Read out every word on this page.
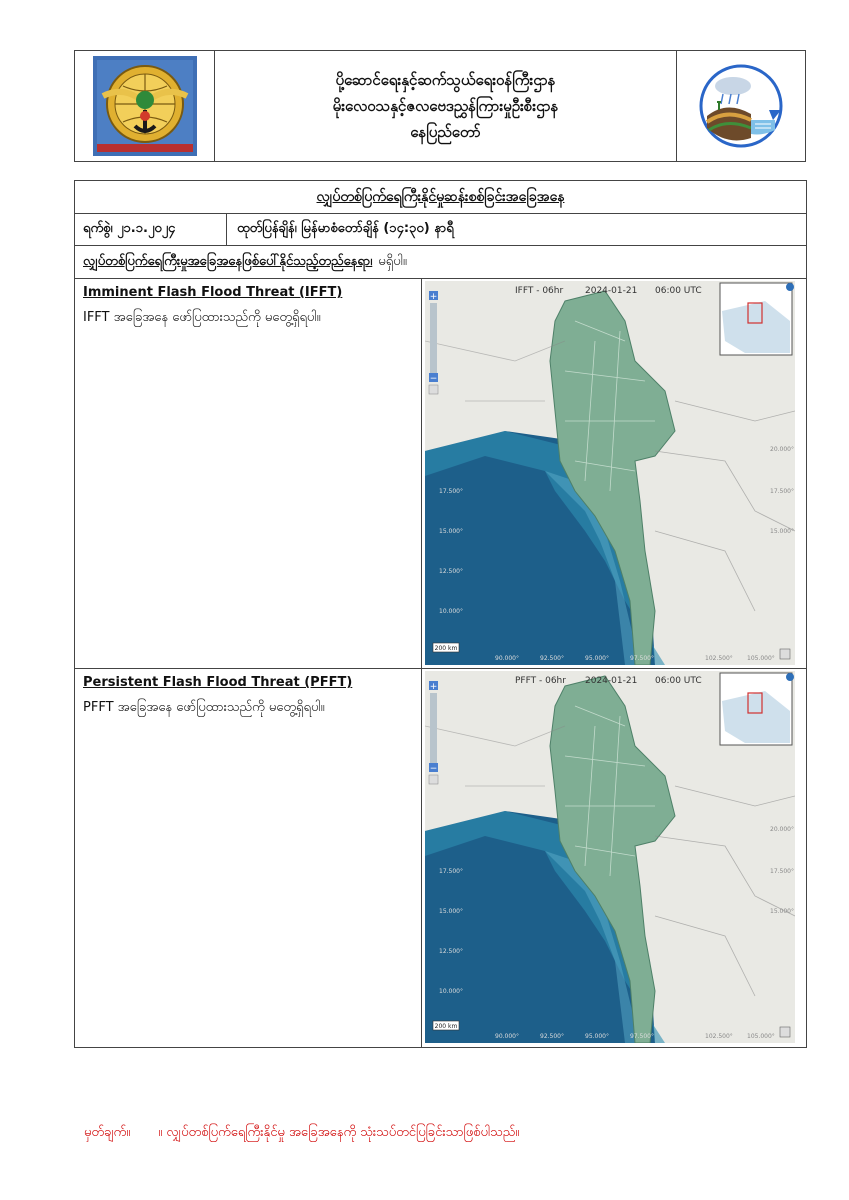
ပို့ဆောင်ရေးနှင့်ဆက်သွယ်ရေးဝန်ကြီးဌာန
မိုးလေဝသနှင့်ဇလဗေဒညွှန်ကြားမှုဦးစီးဌာန
နေပြည်တော်
လျှပ်တစ်ပြက်ရေကြီးနိုင်မှုဆန်းစစ်ခြင်းအခြေအနေ
ရက်စွဲ၊ ၂၁.၁.၂၀၂၄	ထုတ်ပြန်ချိန်၊ မြန်မာစံတော်ချိန် (၁၄:၃၀) နာရီ
လျှပ်တစ်ပြက်ရေကြီးမှုအခြေအနေဖြစ်ပေါ်နိုင်သည့်တည်နေရာ၊ မရှိပါ။
Imminent Flash Flood Threat (IFFT)
IFFT အခြေအနေ ဖော်ပြထားသည်ကို မတွေ့ရှိရပါ။
+
−
IFFT - 06hr 2024-01-21 06:00 UTC
17.500°
15.000°
12.500°
10.000°
20.000°
17.500°
15.000°
90.000°	92.500°	95.000°	97.500°	102.500° 105.000°
200 km
Persistent Flash Flood Threat (PFFT)
PFFT အခြေအနေ ဖော်ပြထားသည်ကို မတွေ့ရှိရပါ။
+
−
PFFT - 06hr 2024-01-21 06:00 UTC
17.500°
15.000°
12.500°
10.000°
20.000°
17.500°
15.000°
90.000°	92.500°	95.000°	97.500°	102.500° 105.000°
200 km
မှတ်ချက်။ ။ လျှပ်တစ်ပြက်ရေကြီးနိုင်မှု အခြေအနေကို သုံးသပ်တင်ပြခြင်းသာဖြစ်ပါသည်။
